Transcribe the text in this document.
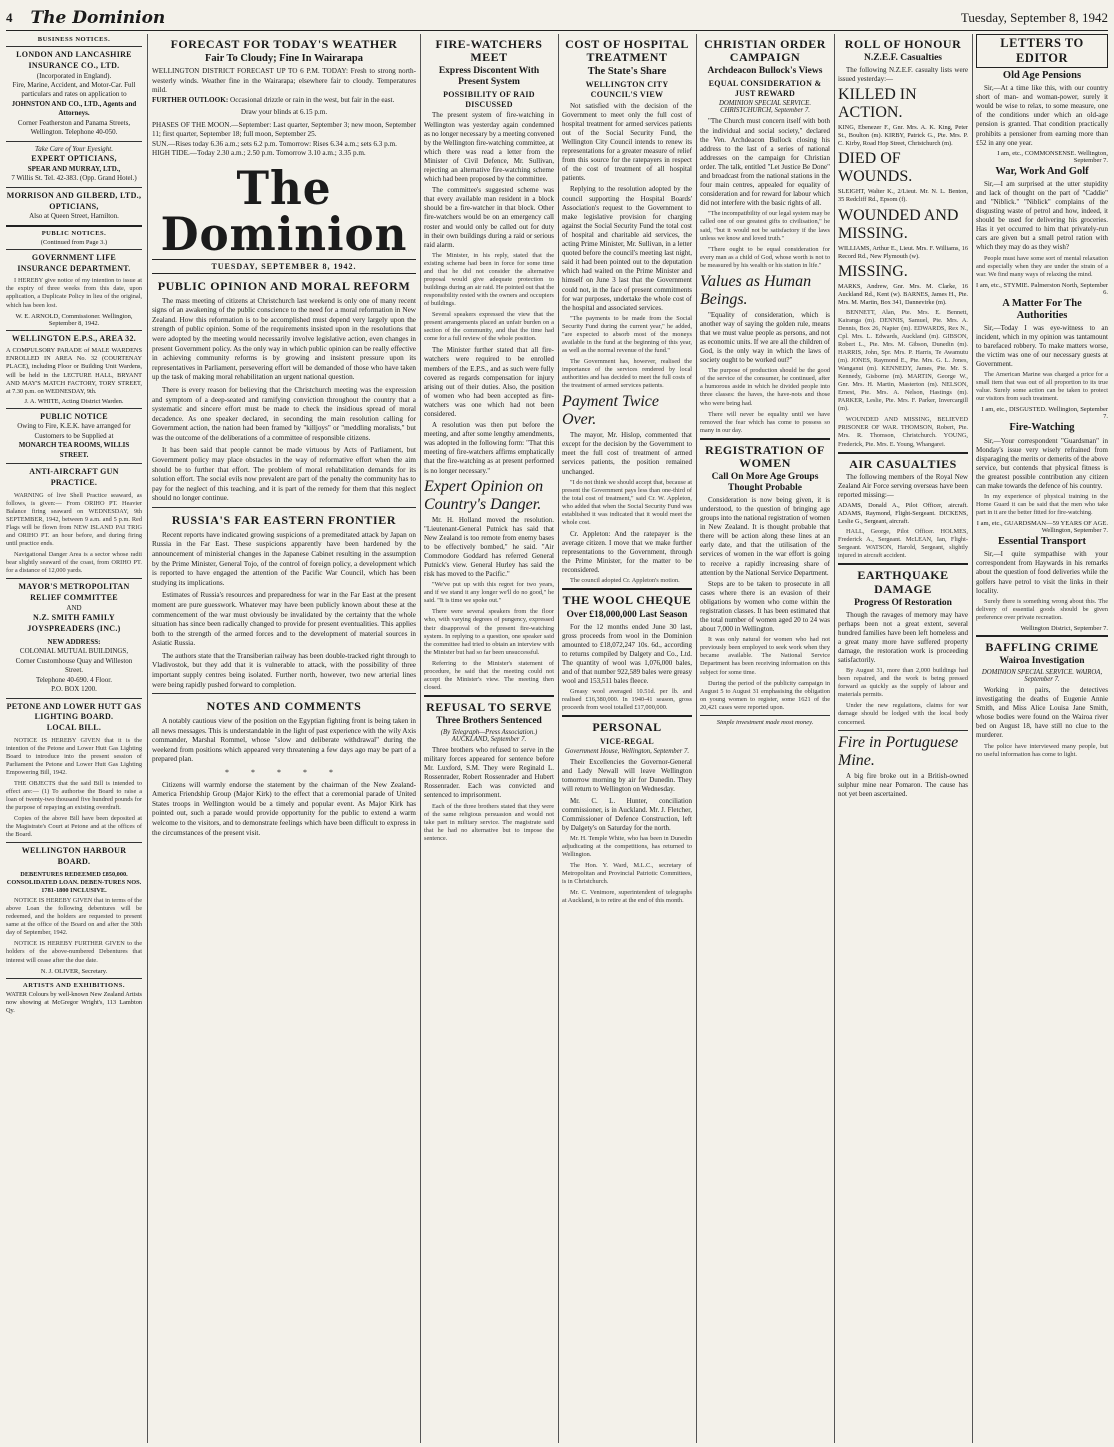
4 The Dominion	Tuesday, September 8, 1942
BUSINESS NOTICES.
LONDON AND LANCASHIRE INSURANCE CO., LTD.
(Incorporated in England).
Fire, Marine, Accident, and Motor-Car. Full particulars and rates on application to
JOHNSTON AND CO., LTD., Agents and Attorneys.
Corner Featherston and Panama Streets, Wellington. Telephone 40-050.
Take Care of Your Eyesight.
EXPERT OPTICIANS,
SPEAR AND MURRAY, LTD.,
7 Willis St. Tel. 42-383. (Opp. Grand Hotel.)
MORRISON AND GILBERD, LTD., OPTICIANS,
Also at Queen Street, Hamilton.
PUBLIC NOTICES.
(Continued from Page 3.)
GOVERNMENT LIFE INSURANCE DEPARTMENT.

I HEREBY give notice of my intention to issue at the expiry of three weeks from this date, upon application, a Duplicate Policy in lieu of the original, which has been lost.

W. E. ARNOLD, Commissioner. Wellington, September 8, 1942.
WELLINGTON E.P.S., AREA 32.
A COMPULSORY PARADE of MALE WARDENS ENROLLED IN AREA No. 32 (COURTENAY PLACE), including Floor or Building Unit Wardens, will be held in the LECTURE HALL, BRYANT AND MAY'S MATCH FACTORY, TORY STREET, at 7.30 p.m. on WEDNESDAY, 9th.
J. A. WHITE, Acting District Warden.
PUBLIC NOTICE
Owing to Fire, K.E.K. have arranged for Customers to be Supplied at
MONARCH TEA ROOMS, WILLIS STREET.
ANTI-AIRCRAFT GUN PRACTICE.

WARNING of live Shell Practice seaward, as follows, is given:— From ORIHO PT. Heavier Balance firing seaward on WEDNESDAY, 9th SEPTEMBER, 1942, between 9 a.m. and 5 p.m. Red Flags will be flown from NEW ISLAND PAI TRIG and ORIHO PT. an hour before, and during firing until practice ends.

Navigational Danger Area is a sector whose radii bear slightly seaward of the coast, from ORIHO PT. for a distance of 12,000 yards.

MAYOR'S METROPOLITAN RELIEF COMMITTEE
AND
N.Z. SMITH FAMILY JOYSPREADERS (INC.)
NEW ADDRESS:
COLONIAL MUTUAL BUILDINGS,
Corner Customhouse Quay and Willeston Street.
Telephone 40-690. 4 Floor.
P.O. BOX 1200.
PETONE AND LOWER HUTT GAS LIGHTING BOARD.
LOCAL BILL.

NOTICE IS HEREBY GIVEN that it is the intention of the Petone and Lower Hutt Gas Lighting Board to introduce into the present session of Parliament the Petone and Lower Hutt Gas Lighting Empowering Bill, 1942.

THE OBJECTS that the said Bill is intended to effect are:— (1) To authorise the Board to raise a loan of twenty-two thousand five hundred pounds for the purpose of repaying an existing overdraft.

Copies of the above Bill have been deposited at the Magistrate's Court at Petone and at the offices of the Board.

WELLINGTON HARBOUR BOARD.
DEBENTURES REDEEMED £850,000. CONSOLIDATED LOAN. DEBEN-TURES NOS. 1781-1800 INCLUSIVE.

NOTICE IS HEREBY GIVEN that in terms of the above Loan the following debentures will be redeemed, and the holders are requested to present same at the office of the Board on and after the 30th day of September, 1942.

NOTICE IS HEREBY FURTHER GIVEN to the holders of the above-numbered Debentures that interest will cease after the due date.

N. J. OLIVER, Secretary.
ARTISTS AND EXHIBITIONS.
WATER Colours by well-known New Zealand Artists now showing at McGregor Wright's, 113 Lambton Qy.
FORECAST FOR TODAY'S WEATHER
Fair To Cloudy; Fine In Wairarapa
WELLINGTON DISTRICT FORECAST UP TO 6 P.M. TODAY: Fresh to strong north-westerly winds. Weather fine in the Wairarapa; elsewhere fair to cloudy. Temperatures mild.
FURTHER OUTLOOK: Occasional drizzle or rain in the west, but fair in the east.
Draw your blinds at 6.15 p.m.
PHASES OF THE MOON.—September: Last quarter, September 3; new moon, September 11; first quarter, September 18; full moon, September 25.
SUN.—Rises today 6.36 a.m.; sets 6.2 p.m. Tomorrow: Rises 6.34 a.m.; sets 6.3 p.m.
HIGH TIDE.—Today 2.30 a.m.; 2.50 p.m. Tomorrow 3.10 a.m.; 3.35 p.m.
The Dominion
TUESDAY, SEPTEMBER 8, 1942.
PUBLIC OPINION AND MORAL REFORM

The mass meeting of citizens at Christchurch last weekend is only one of many recent signs of an awakening of the public conscience to the need for a moral reformation in New Zealand. How this reformation is to be accomplished must depend very largely upon the strength of public opinion. Some of the requirements insisted upon in the resolutions that were adopted by the meeting would necessarily involve legislative action, even changes in present Government policy. As the only way in which public opinion can be really effective in achieving community reforms is by growing and insistent pressure upon its representatives in Parliament, persevering effort will be demanded of those who have taken up the task of making moral rehabilitation an urgent national question.

There is every reason for believing that the Christchurch meeting was the expression and symptom of a deep-seated and ramifying conviction throughout the country that a systematic and sincere effort must be made to check the insidious spread of moral decadence. As one speaker declared, in seconding the main resolution calling for Government action, the nation had been framed by "killjoys" or "meddling moralists," but was the outcome of the deliberations of a committee of responsible citizens.

It has been said that people cannot be made virtuous by Acts of Parliament, but Government policy may place obstacles in the way of reformative effort when the aim should be to further that effort. The problem of moral rehabilitation demands for its solution effort. The social evils now prevalent are part of the penalty the community has to pay for the neglect of this teaching, and it is part of the remedy for them that this neglect should no longer continue.

RUSSIA'S FAR EASTERN FRONTIER

Recent reports have indicated growing suspicions of a premeditated attack by Japan on Russia in the Far East. These suspicions apparently have been hardened by the announcement of ministerial changes in the Japanese Cabinet resulting in the assumption by the Prime Minister, General Tojo, of the control of foreign policy, a development which is reported to have engaged the attention of the Pacific War Council, which has been studying its implications.

Estimates of Russia's resources and preparedness for war in the Far East at the present moment are pure guesswork. Whatever may have been publicly known about these at the commencement of the war must obviously be invalidated by the certainty that the whole situation has since been radically changed to provide for present eventualities. This applies both to the strength of the armed forces and to the development of material sources in Asiatic Russia.

The authors state that the Transiberian railway has been double-tracked right through to Vladivostok, but they add that it is vulnerable to attack, with the possibility of three important supply centres being isolated. Further north, however, two new arterial lines were being rapidly pushed forward to completion.

NOTES AND COMMENTS

A notably cautious view of the position on the Egyptian fighting front is being taken in all news messages. This is understandable in the light of past experience with the wily Axis commander, Marshal Rommel, whose "slow and deliberate withdrawal" during the weekend from positions which appeared very threatening a few days ago may be part of a prepared plan.

* * * * *

Citizens will warmly endorse the statement by the chairman of the New Zealand-America Friendship Group (Major Kirk) to the effect that a ceremonial parade of United States troops in Wellington would be a timely and popular event. As Major Kirk has pointed out, such a parade would provide opportunity for the public to extend a warm welcome to the visitors, and to demonstrate feelings which have been difficult to express in the circumstances of the present visit.

FIRE-WATCHERS MEET
Express Discontent With Present System
POSSIBILITY OF RAID DISCUSSED
The present system of fire-watching in Wellington was yesterday again condemned as no longer necessary by a meeting convened by the Wellington fire-watching committee, at which there was read a letter from the Minister of Civil Defence, Mr. Sullivan, rejecting an alternative fire-watching scheme which had been proposed by the committee.
The committee's suggested scheme was that every available man resident in a block should be a fire-watcher in that block. Other fire-watchers would be on an emergency call roster and would only be called out for duty in their own buildings during a raid or serious raid alarm.

The Minister, in his reply, stated that the existing scheme had been in force for some time and that he did not consider the alternative proposal would give adequate protection to buildings during an air raid. He pointed out that the responsibility rested with the owners and occupiers of buildings.

Several speakers expressed the view that the present arrangements placed an unfair burden on a section of the community, and that the time had come for a full review of the whole position.

The Minister further stated that all fire-watchers were required to be enrolled members of the E.P.S., and as such were fully covered as regards compensation for injury arising out of their duties. Also, the position of women who had been accepted as fire-watchers was one which had not been considered.
A resolution was then put before the meeting, and after some lengthy amendments, was adopted in the following form: "That this meeting of fire-watchers affirms emphatically that the fire-watching as at present performed is no longer necessary."
Expert Opinion on Country's Danger.
Mr. H. Holland moved the resolution. "Lieutenant-General Putnick has said that New Zealand is too remote from enemy bases to be effectively bombed," he said. "Air Commodore Goddard has referred General Putnick's view. General Hurley has said the risk has moved to the Pacific."

"We've put up with this regret for two years, and if we stand it any longer we'll do no good," he said. "It is time we spoke out."

There were several speakers from the floor who, with varying degrees of pungency, expressed their disapproval of the present fire-watching system. In replying to a question, one speaker said the committee had tried to obtain an interview with the Minister but had so far been unsuccessful.

Referring to the Minister's statement of procedure, he said that the meeting could not accept the Minister's view. The meeting then closed.

REFUSAL TO SERVE
Three Brothers Sentenced
(By Telegraph—Press Association.) AUCKLAND, September 7.
Three brothers who refused to serve in the military forces appeared for sentence before Mr. Luxford, S.M. They were Reginald L. Rossenrader, Robert Rossenrader and Hubert Rossenrader. Each was convicted and sentenced to imprisonment.

Each of the three brothers stated that they were of the same religious persuasion and would not take part in military service. The magistrate said that he had no alternative but to impose the sentence.

COST OF HOSPITAL TREATMENT
The State's Share
WELLINGTON CITY COUNCIL'S VIEW
Not satisfied with the decision of the Government to meet only the full cost of hospital treatment for armed services patients out of the Social Security Fund, the Wellington City Council intends to renew its representations for a greater measure of relief from this source for the ratepayers in respect of the cost of treatment of all hospital patients.
Replying to the resolution adopted by the council supporting the Hospital Boards' Association's request to the Government to make legislative provision for charging against the Social Security Fund the total cost of hospital and charitable aid services, the acting Prime Minister, Mr. Sullivan, in a letter quoted before the council's meeting last night, said it had been pointed out to the deputation which had waited on the Prime Minister and himself on June 3 last that the Government could not, in the face of present commitments for war purposes, undertake the whole cost of the hospital and associated services.

"The payments to be made from the Social Security Fund during the current year," he added, "are expected to absorb most of the moneys available in the fund at the beginning of this year, as well as the normal revenue of the fund."

The Government has, however, realised the importance of the services rendered by local authorities and has decided to meet the full costs of the treatment of armed services patients.

Payment Twice Over.
The mayor, Mr. Hislop, commented that except for the decision by the Government to meet the full cost of treatment of armed services patients, the position remained unchanged.

"I do not think we should accept that, because at present the Government pays less than one-third of the total cost of treatment," said Cr. W. Appleton, who added that when the Social Security Fund was established it was indicated that it would meet the whole cost.

Cr. Appleton: And the ratepayer is the average citizen. I move that we make further representations to the Government, through the Prime Minister, for the matter to be reconsidered.

The council adopted Cr. Appleton's motion.

THE WOOL CHEQUE
Over £18,000,000 Last Season
For the 12 months ended June 30 last, gross proceeds from wool in the Dominion amounted to £18,072,247 10s. 6d., according to returns compiled by Dalgety and Co., Ltd. The quantity of wool was 1,076,000 bales, and of that number 922,589 bales were greasy wool and 153,511 bales fleece.

Greasy wool averaged 10.51d. per lb. and realised £16,380,000. In 1940-41 season, gross proceeds from wool totalled £17,000,000.

PERSONAL
VICE-REGAL
Government House, Wellington, September 7.
Their Excellencies the Governor-General and Lady Newall will leave Wellington tomorrow morning by air for Dunedin. They will return to Wellington on Wednesday.
Mr. C. L. Hunter, conciliation commissioner, is in Auckland. Mr. J. Fletcher, Commissioner of Defence Construction, left by Dalgety's on Saturday for the north.

Mr. H. Temple White, who has been in Dunedin adjudicating at the competitions, has returned to Wellington.

The Hon. Y. Ward, M.L.C., secretary of Metropolitan and Provincial Patriotic Committees, is in Christchurch.

Mr. C. Venimore, superintendent of telegraphs at Auckland, is to retire at the end of this month.

CHRISTIAN ORDER CAMPAIGN
Archdeacon Bullock's Views
EQUAL CONSIDERATION & JUST REWARD
DOMINION SPECIAL SERVICE. CHRISTCHURCH, September 7.
"The Church must concern itself with both the individual and social society," declared the Ven. Archdeacon Bullock closing his address to the last of a series of national addresses on the campaign for Christian order. The talk, entitled "Let Justice Be Done" and broadcast from the national stations in the four main centres, appealed for equality of consideration and for reward for labour which did not interfere with the basic rights of all.

"The incompatibility of our legal system may be called one of our greatest gifts to civilisation," he said, "but it would not be satisfactory if the laws unless we know and loved truth."

"There ought to be equal consideration for every man as a child of God, whose worth is not to be measured by his wealth or his station in life."

Values as Human Beings.
"Equality of consideration, which is another way of saying the golden rule, means that we must value people as persons, and not as economic units. If we are all the children of God, is the only way in which the laws of society ought to be worked out?"

The purpose of production should be the good of the service of the consumer, he continued, after a humorous aside in which he divided people into three classes: the haves, the have-nots and those who were being had.

There will never be equality until we have removed the fear which has come to possess so many in our day.

REGISTRATION OF WOMEN
Call On More Age Groups Thought Probable
Consideration is now being given, it is understood, to the question of bringing age groups into the national registration of women in New Zealand. It is thought probable that there will be action along these lines at an early date, and that the utilisation of the services of women in the war effort is going to receive a rapidly increasing share of attention by the National Service Department.
Steps are to be taken to prosecute in all cases where there is an evasion of their obligations by women who come within the registration classes. It has been estimated that the total number of women aged 20 to 24 was about 7,000 in Wellington.

It was only natural for women who had not previously been employed to seek work when they became available. The National Service Department has been receiving information on this subject for some time.

During the period of the publicity campaign in August 5 to August 31 emphasising the obligation on young women to register, some 1621 of the 20,421 cases were reported upon.

Simple investment made most money.
ROLL OF HONOUR
N.Z.E.F. Casualties
The following N.Z.E.F. casualty lists were issued yesterday:—
KILLED IN ACTION.
KING, Ebenezer F., Gnr. Mrs. A. K. King, Peter St., Boulton (m). KIRBY, Patrick G., Pte. Mrs. P. C. Kirby, Road Hop Street, Christchurch (m).
DIED OF WOUNDS.
SLEIGHT, Walter K., 2/Lieut. Mr. N. L. Benton, 35 Redcliff Rd., Epsom (f).
WOUNDED AND MISSING.
WILLIAMS, Arthur E., Lieut. Mrs. F. Williams, 16 Record Rd., New Plymouth (w).
MISSING.
MARKS, Andrew, Gnr. Mrs. M. Clarke, 16 Auckland Rd., Kent (w). BARNES, James H., Pte. Mrs. M. Martin, Box 341, Dannevirke (m).

BENNETT, Alan, Pte. Mrs. E. Bennett, Kairanga (m). DENNIS, Samuel, Pte. Mrs. A. Dennis, Box 26, Napier (m). EDWARDS, Rex N., Cpl. Mrs. L. Edwards, Auckland (m). GIBSON, Robert L., Pte. Mrs. M. Gibson, Dunedin (m). HARRIS, John, Spr. Mrs. P. Harris, Te Awamutu (m). JONES, Raymond E., Pte. Mrs. G. L. Jones, Wanganui (m). KENNEDY, James, Pte. Mr. S. Kennedy, Gisborne (m). MARTIN, George W., Gnr. Mrs. H. Martin, Masterton (m). NELSON, Ernest, Pte. Mrs. A. Nelson, Hastings (m). PARKER, Leslie, Pte. Mrs. F. Parker, Invercargill (m).

WOUNDED AND MISSING, BELIEVED PRISONER OF WAR. THOMSON, Robert, Pte. Mrs. R. Thomson, Christchurch. YOUNG, Frederick, Pte. Mrs. E. Young, Whangarei.

AIR CASUALTIES
The following members of the Royal New Zealand Air Force serving overseas have been reported missing:—
ADAMS, Donald A., Pilot Officer, aircraft. ADAMS, Raymond, Flight-Sergeant. DICKENS, Leslie G., Sergeant, aircraft.

HALL, George, Pilot Officer. HOLMES, Frederick A., Sergeant. McLEAN, Ian, Flight-Sergeant. WATSON, Harold, Sergeant, slightly injured in aircraft accident.

EARTHQUAKE DAMAGE
Progress Of Restoration
Though the ravages of memory may have perhaps been not a great extent, several hundred families have been left homeless and a great many more have suffered property damage, the restoration work is proceeding satisfactorily.

By August 31, more than 2,000 buildings had been repaired, and the work is being pressed forward as quickly as the supply of labour and materials permits.

Under the new regulations, claims for war damage should be lodged with the local body concerned.

Fire in Portuguese Mine.
A big fire broke out in a British-owned sulphur mine near Pomaron. The cause has not yet been ascertained.
LETTERS TO EDITOR
Old Age Pensions
Sir,—At a time like this, with our country short of man- and woman-power, surely it would be wise to relax, to some measure, one of the conditions under which an old-age pension is granted. That condition practically prohibits a pensioner from earning more than £52 in any one year.
I am, etc., COMMONSENSE. Wellington, September 7.
War, Work And Golf
Sir,—I am surprised at the utter stupidity and lack of thought on the part of "Caddie" and "Niblick." "Niblick" complains of the disgusting waste of petrol and how, indeed, it should be used for delivering his groceries. Has it yet occurred to him that privately-run cars are given but a small petrol ration with which they may do as they wish?

People must have some sort of mental relaxation and especially when they are under the strain of a war. We find many ways of relaxing the mind.

I am, etc., STYMIE. Palmerston North, September 6.
A Matter For The Authorities
Sir,—Today I was eye-witness to an incident, which in my opinion was tantamount to barefaced robbery. To make matters worse, the victim was one of our necessary guests at Government.

The American Marine was charged a price for a small item that was out of all proportion to its true value. Surely some action can be taken to protect our visitors from such treatment.

I am, etc., DISGUSTED. Wellington, September 7.
Fire-Watching
Sir,—Your correspondent "Guardsman" in Monday's issue very wisely refrained from disparaging the merits or demerits of the above service, but contends that physical fitness is the greatest possible contribution any citizen can make towards the defence of his country.

In my experience of physical training in the Home Guard it can be said that the men who take part in it are the better fitted for fire-watching.

I am, etc., GUARDSMAN—59 YEARS OF AGE. Wellington, September 7.
Essential Transport
Sir,—I quite sympathise with your correspondent from Haywards in his remarks about the question of food deliveries while the golfers have petrol to visit the links in their locality.

Surely there is something wrong about this. The delivery of essential goods should be given preference over private recreation.

Wellington District, September 7.
BAFFLING CRIME
Wairoa Investigation
DOMINION SPECIAL SERVICE. WAIROA, September 7.
Working in pairs, the detectives investigating the deaths of Eugenie Annie Smith, and Miss Alice Louisa Jane Smith, whose bodies were found on the Wairoa river bed on August 18, have still no clue to the murderer.

The police have interviewed many people, but no useful information has come to light.
